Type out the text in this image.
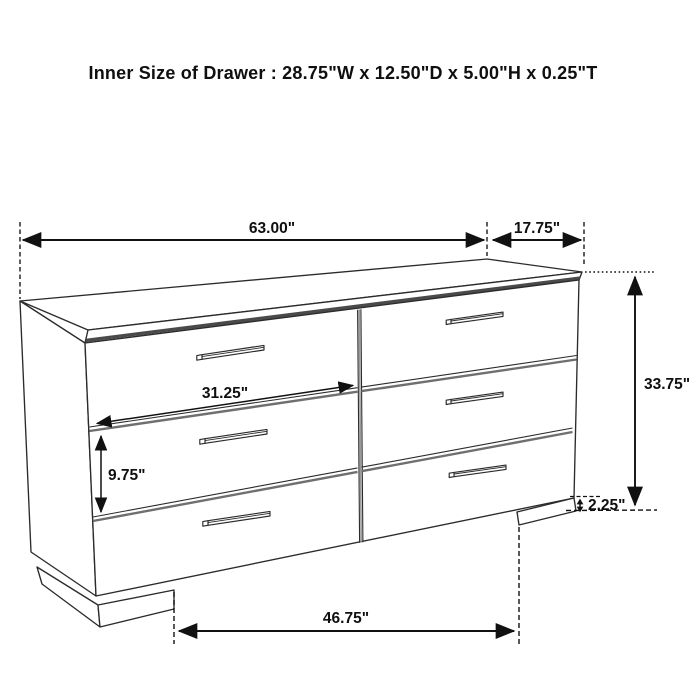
Inner Size of Drawer : 28.75"W x 12.50"D x 5.00"H x 0.25"T
63.00"	17.75"
33.75"
31.25"
9.75"
2.25"
46.75"
